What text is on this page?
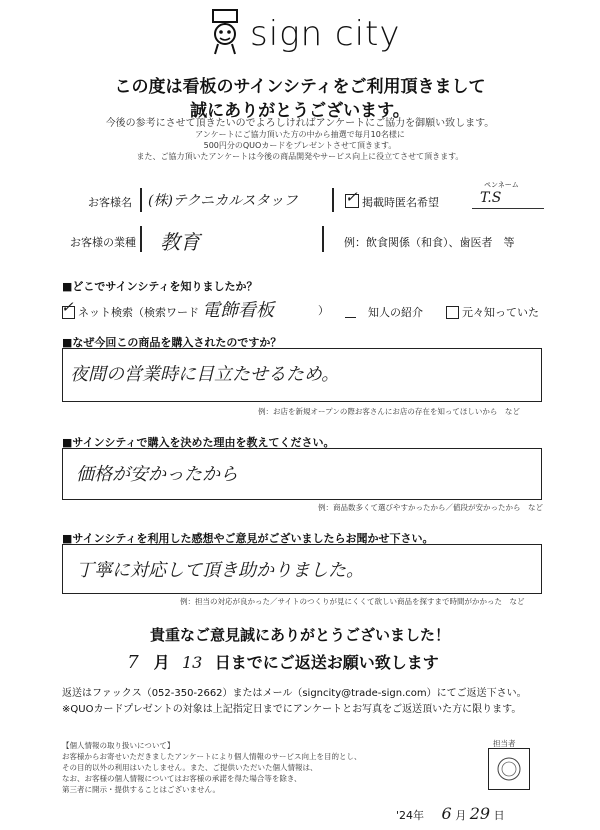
sign city
この度は看板のサインシティをご利用頂きまして
誠にありがとうございます。
今後の参考にさせて頂きたいのでよろしければアンケートにご協力を御願い致します。
アンケートにご協力頂いた方の中から抽選で毎月10名様に
500円分のQUOカードをプレゼントさせて頂きます。
また、ご協力頂いたアンケートは今後の商品開発やサービス向上に役立てさせて頂きます。
お客様名 (株)テクニカルスタッフ	✓ 掲載時匿名希望
ペンネーム
T.S
お客様の業種 教育	例：飲食関係（和食）、歯医者　等
■どこでサインシティを知りましたか？
✓ ネット検索（検索ワード 電飾看板	）	知人の紹介	元々知っていた
■なぜ今回この商品を購入されたのですか？
夜間の営業時に目立たせるため。
例：お店を新規オープンの際お客さんにお店の存在を知ってほしいから　など
■サインシティで購入を決めた理由を教えてください。
価格が安かったから
例：商品数多くて選びやすかったから／値段が安かったから　など
■サインシティを利用した感想やご意見がございましたらお聞かせ下さい。
丁寧に対応して頂き助かりました。
例：担当の対応が良かった／サイトのつくりが見にくくて欲しい商品を探すまで時間がかかった　など
貴重なご意見誠にありがとうございました！
7 月 13 日までにご返送お願い致します
返送はファックス（052-350-2662）またはメール（signcity@trade-sign.com）にてご返送下さい。
※QUOカードプレゼントの対象は上記指定日までにアンケートとお写真をご返送頂いた方に限ります。
【個人情報の取り扱いについて】
お客様からお寄せいただきましたアンケートにより個人情報のサービス向上を目的とし、
その目的以外の利用はいたしません。また、ご提供いただいた個人情報は、
なお、お客様の個人情報についてはお客様の承諾を得た場合等を除き、
第三者に開示・提供することはございません。
担当者
'24年 6 月 29 日
